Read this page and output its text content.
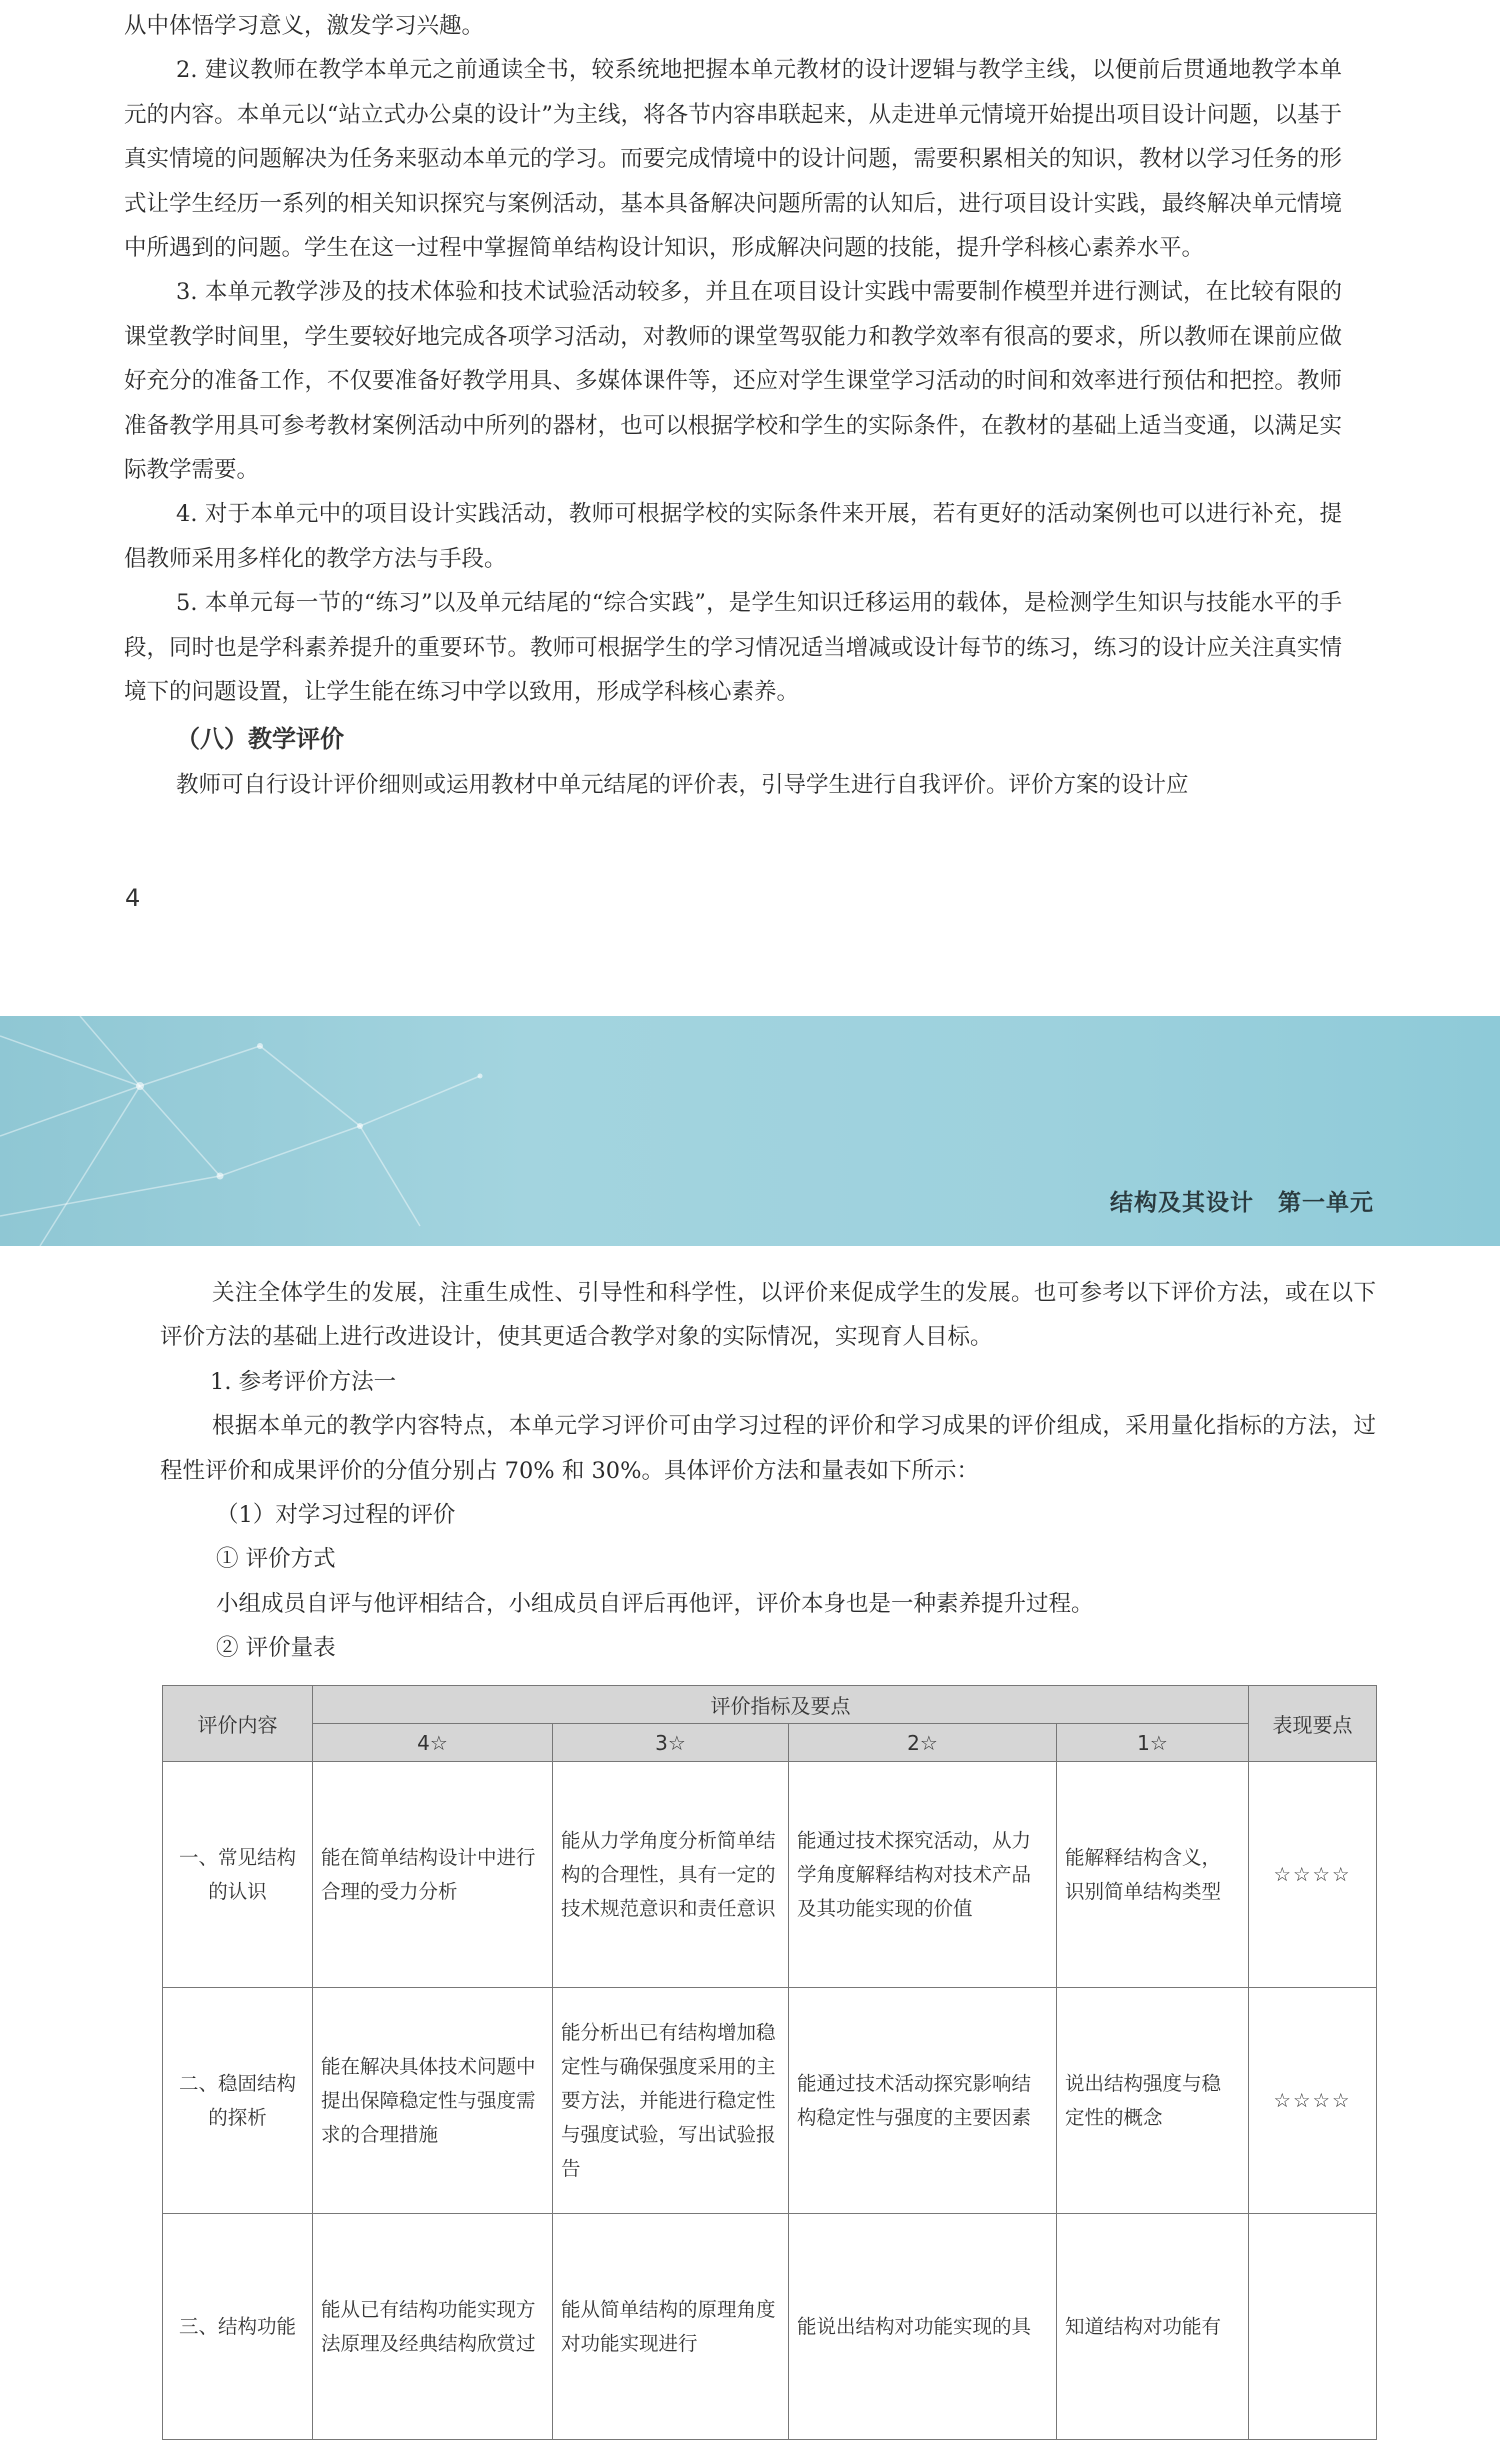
从中体悟学习意义，激发学习兴趣。

2. 建议教师在教学本单元之前通读全书，较系统地把握本单元教材的设计逻辑与教学主线，以便前后贯通地教学本单元的内容。本单元以“站立式办公桌的设计”为主线，将各节内容串联起来，从走进单元情境开始提出项目设计问题，以基于真实情境的问题解决为任务来驱动本单元的学习。而要完成情境中的设计问题，需要积累相关的知识，教材以学习任务的形式让学生经历一系列的相关知识探究与案例活动，基本具备解决问题所需的认知后，进行项目设计实践，最终解决单元情境中所遇到的问题。学生在这一过程中掌握简单结构设计知识，形成解决问题的技能，提升学科核心素养水平。

3. 本单元教学涉及的技术体验和技术试验活动较多，并且在项目设计实践中需要制作模型并进行测试，在比较有限的课堂教学时间里，学生要较好地完成各项学习活动，对教师的课堂驾驭能力和教学效率有很高的要求，所以教师在课前应做好充分的准备工作，不仅要准备好教学用具、多媒体课件等，还应对学生课堂学习活动的时间和效率进行预估和把控。教师准备教学用具可参考教材案例活动中所列的器材，也可以根据学校和学生的实际条件，在教材的基础上适当变通，以满足实际教学需要。

4. 对于本单元中的项目设计实践活动，教师可根据学校的实际条件来开展，若有更好的活动案例也可以进行补充，提倡教师采用多样化的教学方法与手段。

5. 本单元每一节的“练习”以及单元结尾的“综合实践”，是学生知识迁移运用的载体，是检测学生知识与技能水平的手段，同时也是学科素养提升的重要环节。教师可根据学生的学习情况适当增减或设计每节的练习，练习的设计应关注真实情境下的问题设置，让学生能在练习中学以致用，形成学科核心素养。

（八）教学评价

教师可自行设计评价细则或运用教材中单元结尾的评价表，引导学生进行自我评价。评价方案的设计应

4
结构及其设计　第一单元

关注全体学生的发展，注重生成性、引导性和科学性，以评价来促成学生的发展。也可参考以下评价方法，或在以下评价方法的基础上进行改进设计，使其更适合教学对象的实际情况，实现育人目标。

1. 参考评价方法一

根据本单元的教学内容特点，本单元学习评价可由学习过程的评价和学习成果的评价组成，采用量化指标的方法，过程性评价和成果评价的分值分别占 70% 和 30%。具体评价方法和量表如下所示：

（1）对学习过程的评价

① 评价方式

小组成员自评与他评相结合，小组成员自评后再他评，评价本身也是一种素养提升过程。

② 评价量表

评价内容	评价指标及要点				表现要点
	4☆	3☆	2☆	1☆	
一、常见结构的认识	能在简单结构设计中进行合理的受力分析	能从力学角度分析简单结构的合理性，具有一定的技术规范意识和责任意识	能通过技术探究活动，从力学角度解释结构对技术产品及其功能实现的价值	能解释结构含义，识别简单结构类型	☆☆☆☆
二、稳固结构的探析	能在解决具体技术问题中提出保障稳定性与强度需求的合理措施	能分析出已有结构增加稳定性与确保强度采用的主要方法，并能进行稳定性与强度试验，写出试验报告	能通过技术活动探究影响结构稳定性与强度的主要因素	说出结构强度与稳定性的概念	☆☆☆☆
三、结构功能	能从已有结构功能实现方法原理及经典结构欣赏过	能从简单结构的原理角度对功能实现进行	能说出结构对功能实现的具	知道结构对功能有	
